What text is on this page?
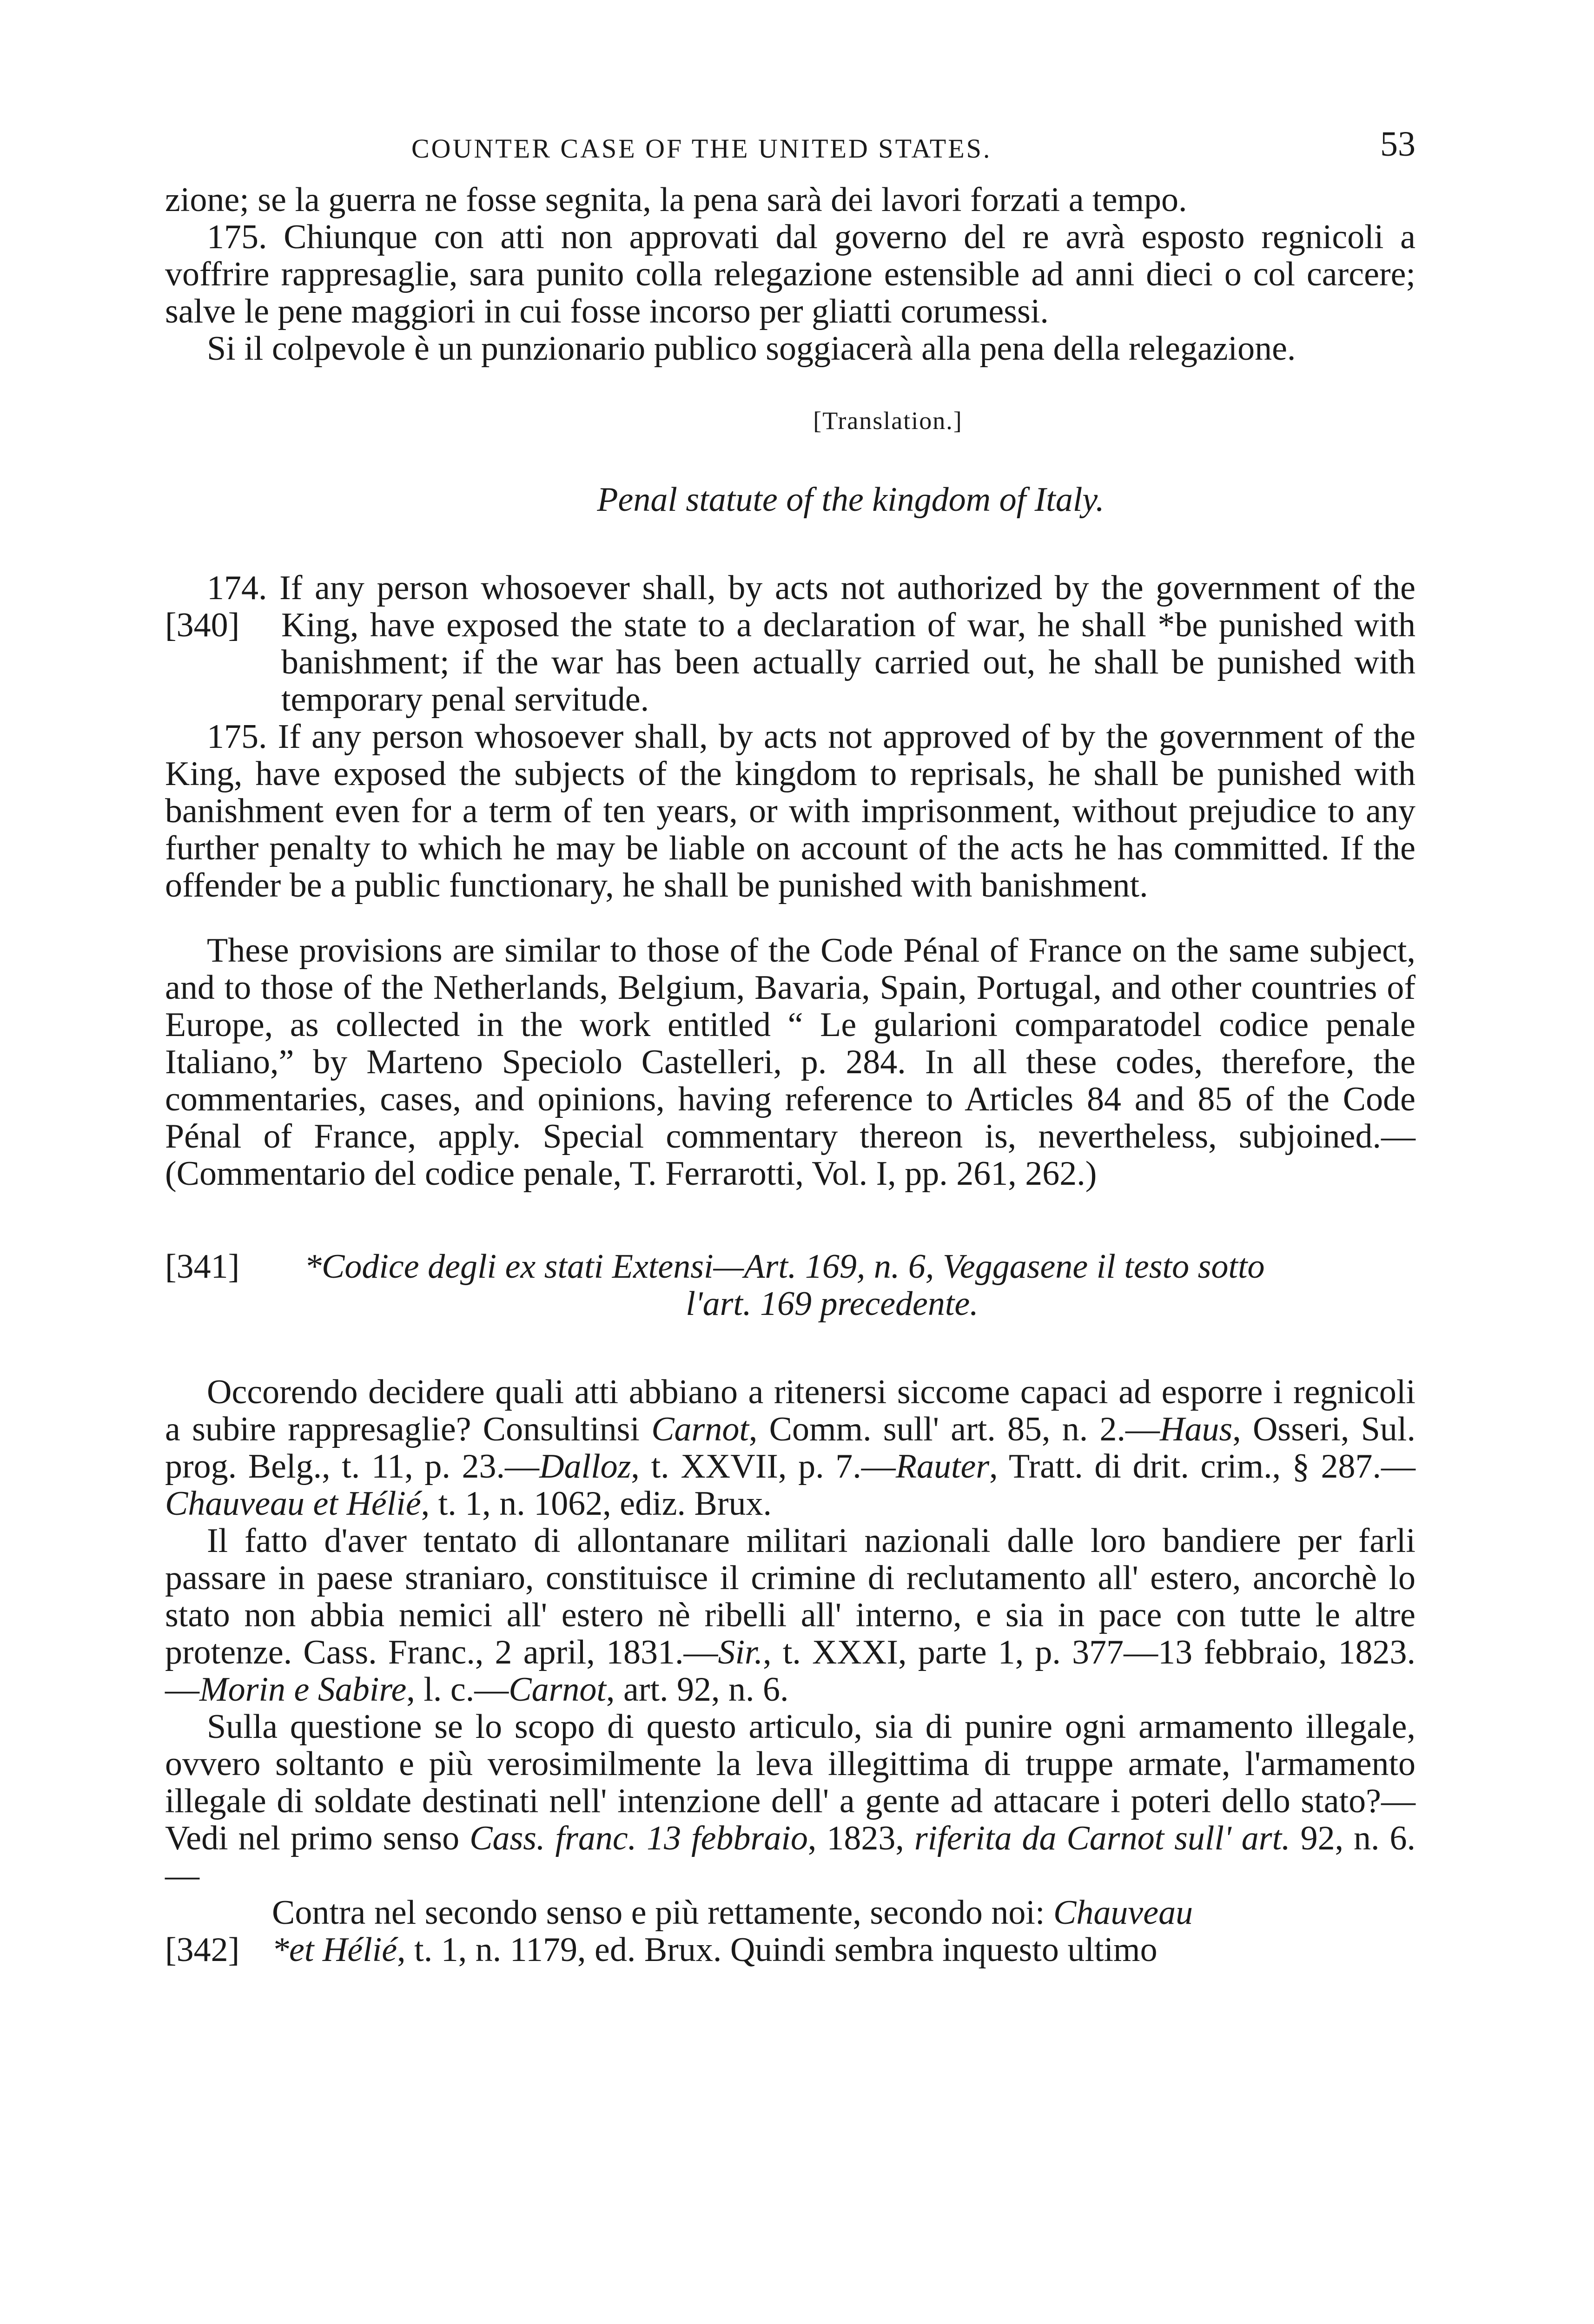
COUNTER CASE OF THE UNITED STATES.	53

zione; se la guerra ne fosse segnita, la pena sarà dei lavori forzati a tempo.

175. Chiunque con atti non approvati dal governo del re avrà esposto regnicoli a voffrire rappresaglie, sara punito colla relegazione estensible ad anni dieci o col carcere; salve le pene maggiori in cui fosse incorso per gliatti corumessi.

Si il colpevole è un punzionario publico soggiacerà alla pena della relegazione.

[Translation.]
Penal statute of the kingdom of Italy.
[340]

174. If any person whosoever shall, by acts not authorized by the government of the King, have exposed the state to a declaration of war, he shall *be punished with banishment; if the war has been actually carried out, he shall be punished with temporary penal servitude.

175. If any person whosoever shall, by acts not approved of by the government of the King, have exposed the subjects of the kingdom to reprisals, he shall be punished with banishment even for a term of ten years, or with imprisonment, without prejudice to any further penalty to which he may be liable on account of the acts he has committed. If the offender be a public functionary, he shall be punished with banishment.

These provisions are similar to those of the Code Pénal of France on the same subject, and to those of the Netherlands, Belgium, Bavaria, Spain, Portugal, and other countries of Europe, as collected in the work entitled “ Le gularioni comparatodel codice penale Italiano,” by Marteno Speciolo Castelleri, p. 284. In all these codes, therefore, the commentaries, cases, and opinions, having reference to Articles 84 and 85 of the Code Pénal of France, apply. Special commentary thereon is, nevertheless, subjoined.—(Commentario del codice penale, T. Ferrarotti, Vol. I, pp. 261, 262.)

[341]	*Codice degli ex stati Extensi—Art. 169, n. 6, Veggasene il testo sotto
l'art. 169 precedente.

Occorendo decidere quali atti abbiano a ritenersi siccome capaci ad esporre i regnicoli a subire rappresaglie? Consultinsi Carnot, Comm. sull' art. 85, n. 2.—Haus, Osseri, Sul. prog. Belg., t. 11, p. 23.—Dalloz, t. XXVII, p. 7.—Rauter, Tratt. di drit. crim., § 287.—Chauveau et Hélié, t. 1, n. 1062, ediz. Brux.

Il fatto d'aver tentato di allontanare militari nazionali dalle loro bandiere per farli passare in paese straniaro, constituisce il crimine di reclutamento all' estero, ancorchè lo stato non abbia nemici all' estero nè ribelli all' interno, e sia in pace con tutte le altre protenze. Cass. Franc., 2 april, 1831.—Sir., t. XXXI, parte 1, p. 377—13 febbraio, 1823.—Morin e Sabire, l. c.—Carnot, art. 92, n. 6.

Sulla questione se lo scopo di questo articulo, sia di punire ogni armamento illegale, ovvero soltanto e più verosimilmente la leva illegittima di truppe armate, l'armamento illegale di soldate destinati nell' intenzione dell' a gente ad attacare i poteri dello stato?—Vedi nel primo senso Cass. franc. 13 febbraio, 1823, riferita da Carnot sull' art. 92, n. 6.—

Contra nel secondo senso e più rettamente, secondo noi: Chauveau

[342] *et Hélié, t. 1, n. 1179, ed. Brux. Quindi sembra inquesto ultimo
